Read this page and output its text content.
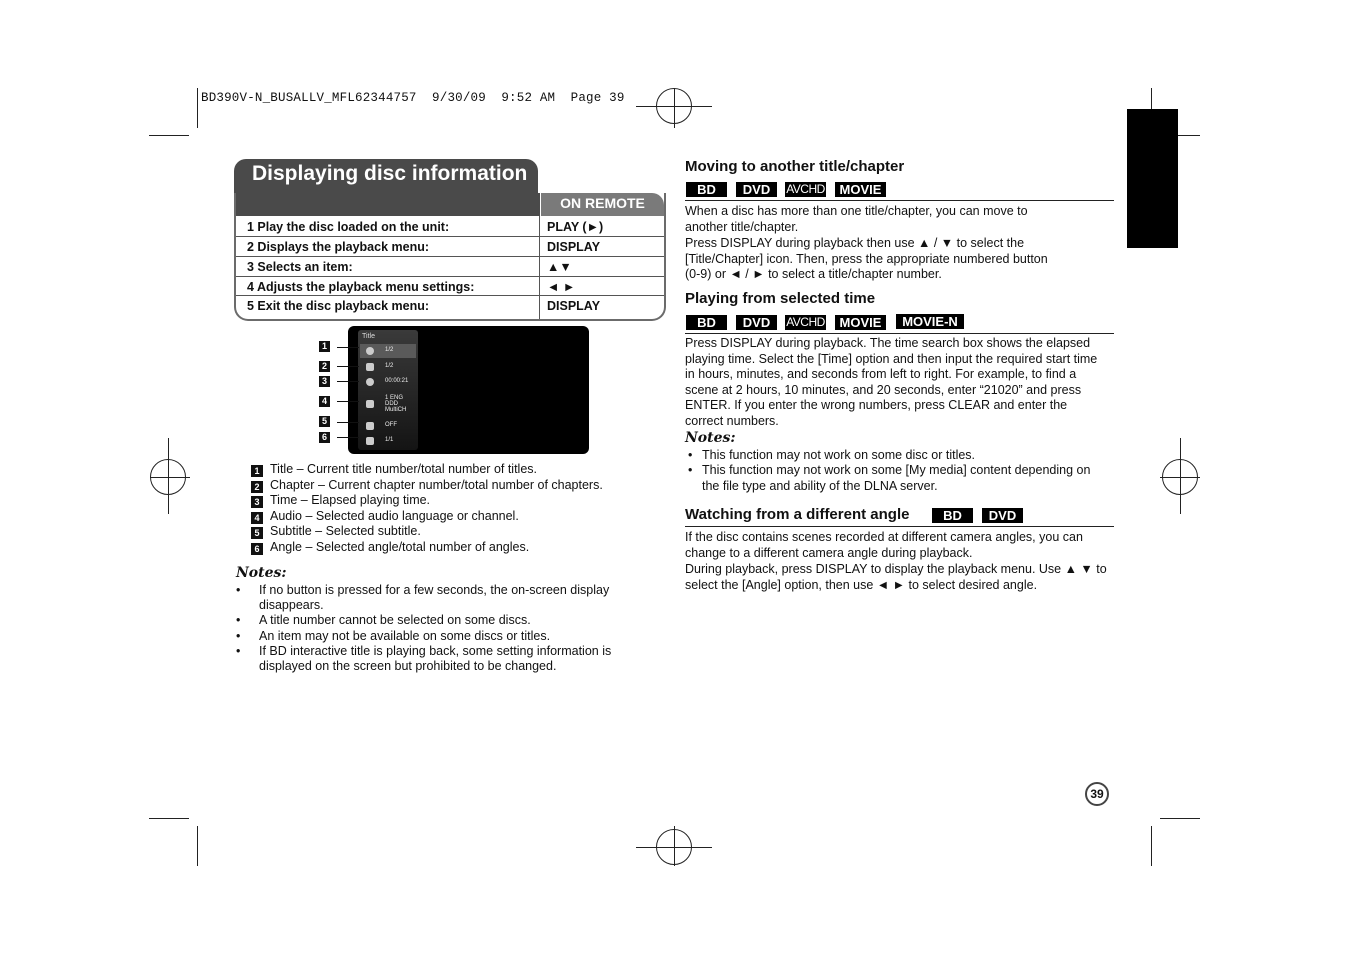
BD390V-N_BUSALLV_MFL62344757  9/30/09  9:52 AM  Page 39
Displaying disc information
ON REMOTE
1 Play the disc loaded on the unit:	PLAY (►)
2 Displays the playback menu:	DISPLAY
3 Selects an item:	▲▼
4 Adjusts the playback menu settings:	◄ ►
5 Exit the disc playback menu:	DISPLAY
Title
1/2
1/2
00:00:21
1 ENG DDD MultiCH
OFF
1/1
1
2
3
4
5
6
1 Title – Current title number/total number of titles.
2 Chapter – Current chapter number/total number of chapters.
3 Time – Elapsed playing time.
4 Audio – Selected audio language or channel.
5 Subtitle – Selected subtitle.
6 Angle – Selected angle/total number of angles.
Notes:
• If no button is pressed for a few seconds, the on-screen display
disappears.
• A title number cannot be selected on some discs.
• An item may not be available on some discs or titles.
• If BD interactive title is playing back, some setting information is
displayed on the screen but prohibited to be changed.
Moving to another title/chapter
BD	DVD	AVCHD	MOVIE
When a disc has more than one title/chapter, you can move to
another title/chapter.
Press DISPLAY during playback then use ▲ / ▼ to select the
[Title/Chapter] icon. Then, press the appropriate numbered button
(0-9) or ◄ / ► to select a title/chapter number.
Playing from selected time
BD	DVD	AVCHD	MOVIE	MOVIE-N
Press DISPLAY during playback. The time search box shows the elapsed
playing time. Select the [Time] option and then input the required start time
in hours, minutes, and seconds from left to right. For example, to find a
scene at 2 hours, 10 minutes, and 20 seconds, enter “21020” and press
ENTER. If you enter the wrong numbers, press CLEAR and enter the
correct numbers.
Notes:
• This function may not work on some disc or titles.
• This function may not work on some [My media] content depending on
the file type and ability of the DLNA server.
Watching from a different angle	BD	DVD
If the disc contains scenes recorded at different camera angles, you can
change to a different camera angle during playback.
During playback, press DISPLAY to display the playback menu. Use ▲ ▼ to
select the [Angle] option, then use ◄ ► to select desired angle.
39
